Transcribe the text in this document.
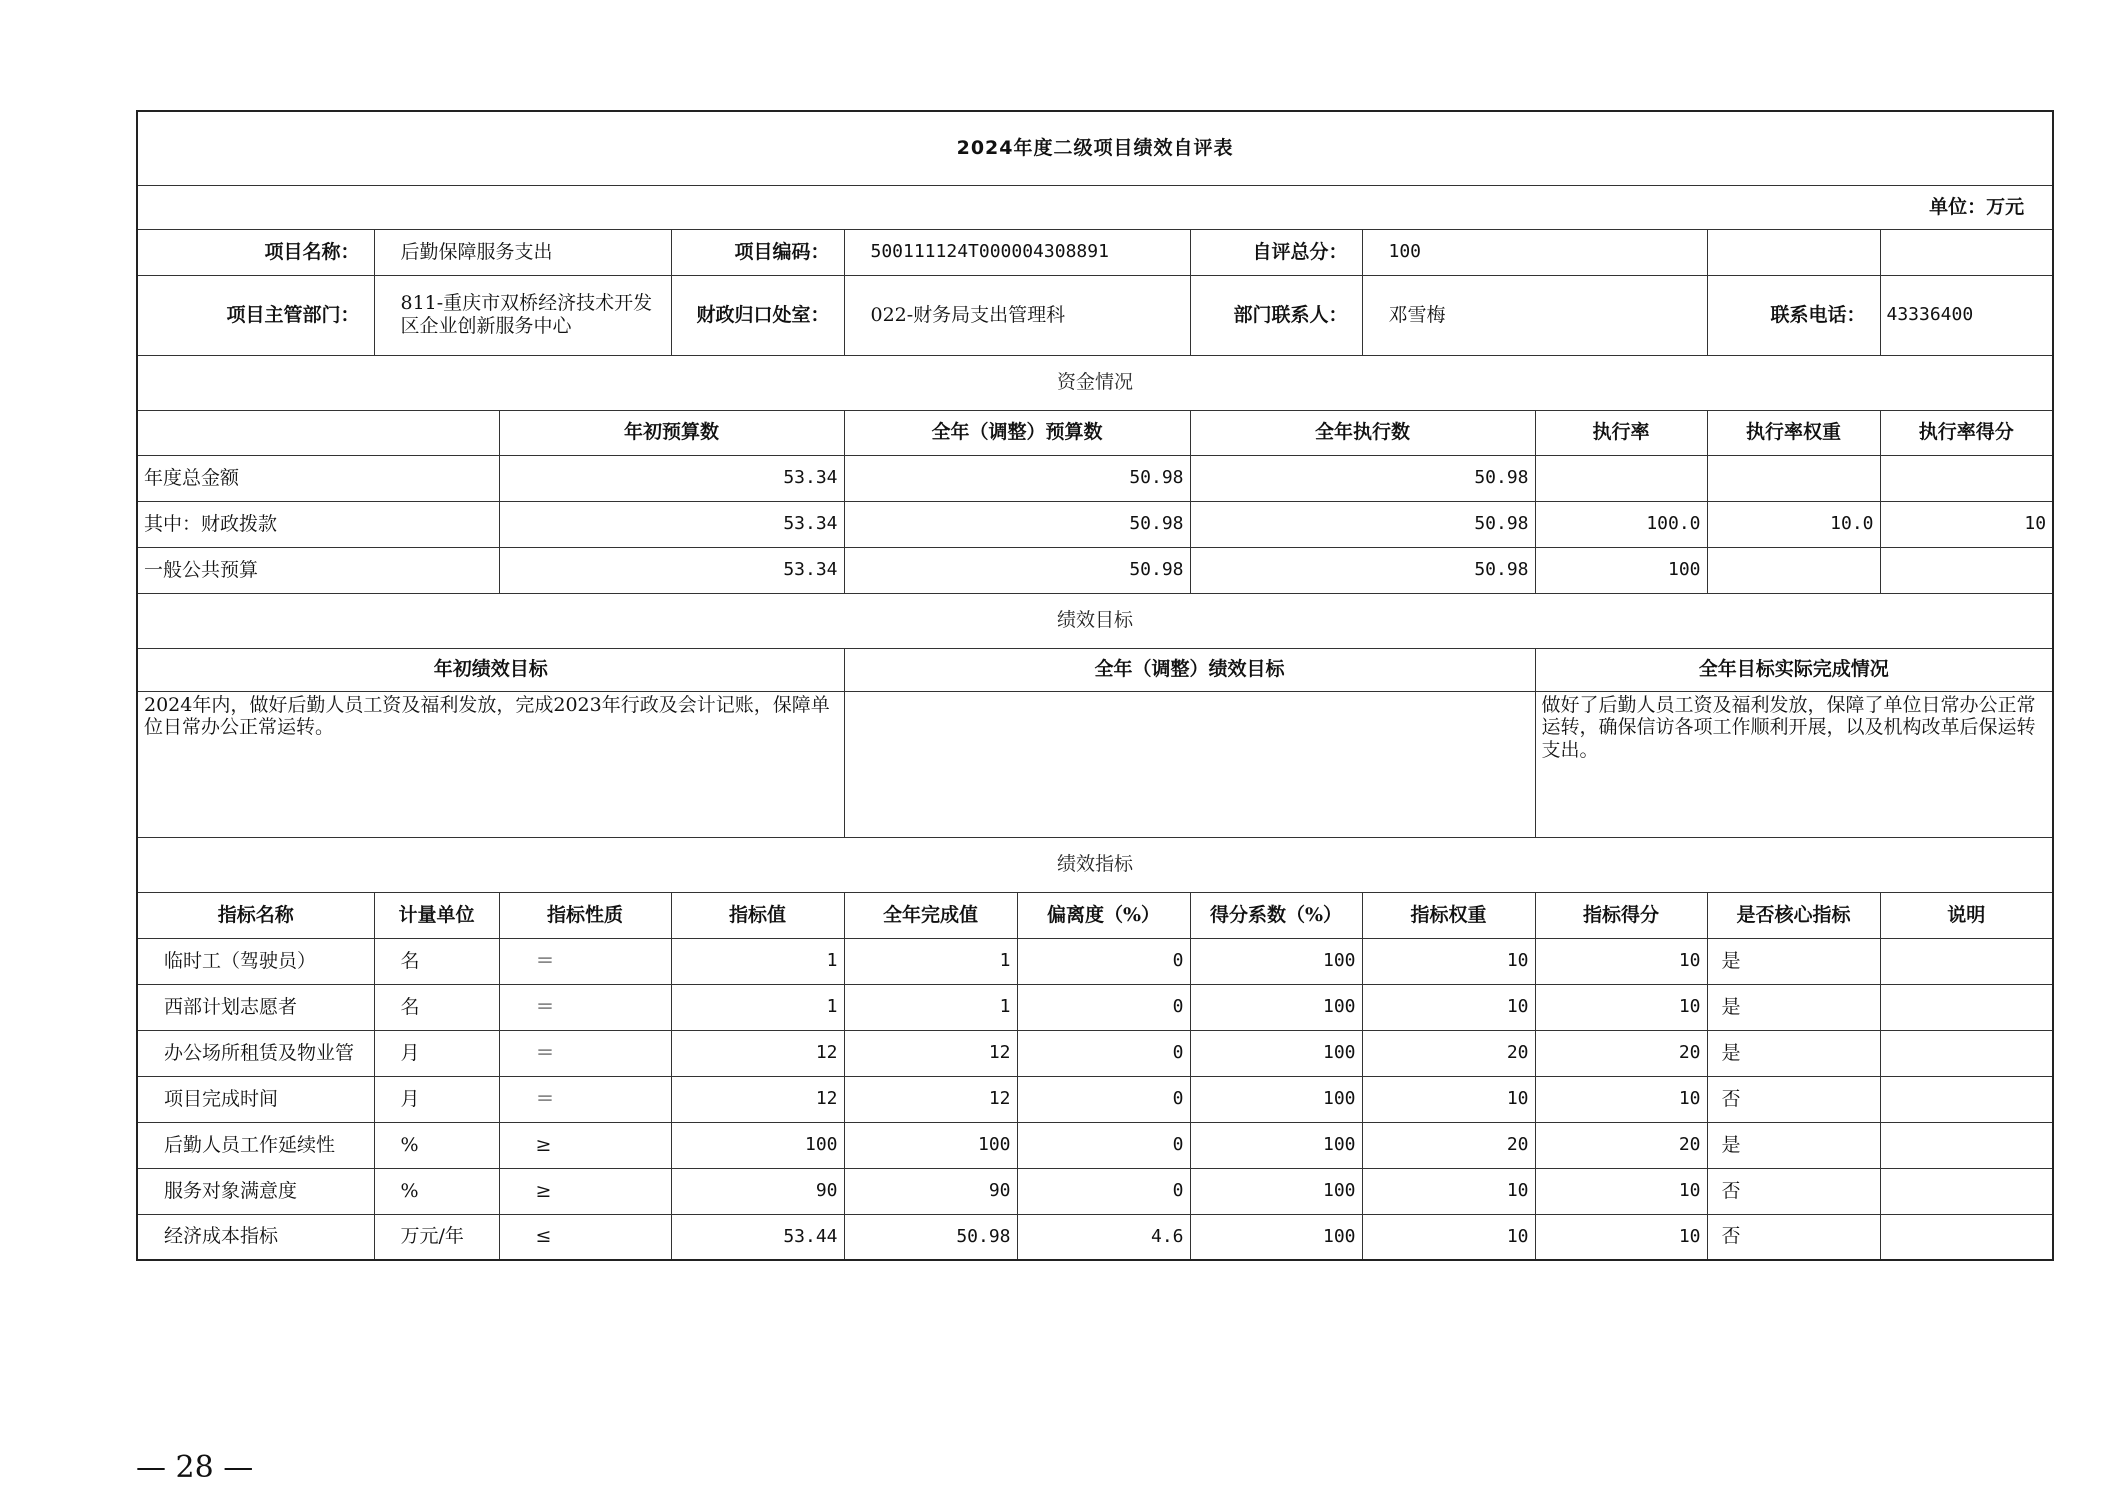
2024年度二级项目绩效自评表										
单位：万元										
项目名称：	后勤保障服务支出		项目编码：	500111124T000004308891		自评总分：	100			
项目主管部门：	811-重庆市双桥经济技术开发区企业创新服务中心		财政归口处室：	022-财务局支出管理科		部门联系人：	邓雪梅		联系电话：	43336400
资金情况										
		年初预算数		全年（调整）预算数		全年执行数		执行率	执行率权重	执行率得分
年度总金额		53.34		50.98		50.98				
其中：财政拨款		53.34		50.98		50.98		100.0	10.0	10
一般公共预算		53.34		50.98		50.98		100		
绩效目标										
年初绩效目标				全年（调整）绩效目标				全年目标实际完成情况		
2024年内，做好后勤人员工资及福利发放，完成2023年行政及会计记账，保障单位日常办公正常运转。								做好了后勤人员工资及福利发放，保障了单位日常办公正常运转，确保信访各项工作顺利开展，以及机构改革后保运转支出。		
绩效指标										
指标名称	计量单位	指标性质	指标值	全年完成值	偏离度（%）	得分系数（%）	指标权重	指标得分	是否核心指标	说明
临时工（驾驶员）	名	＝	1	1	0	100	10	10	是	
西部计划志愿者	名	＝	1	1	0	100	10	10	是	
办公场所租赁及物业管	月	＝	12	12	0	100	20	20	是	
项目完成时间	月	＝	12	12	0	100	10	10	否	
后勤人员工作延续性	%	≥	100	100	0	100	20	20	是	
服务对象满意度	%	≥	90	90	0	100	10	10	否	
经济成本指标	万元/年	≤	53.44	50.98	4.6	100	10	10	否	
— 28 —
